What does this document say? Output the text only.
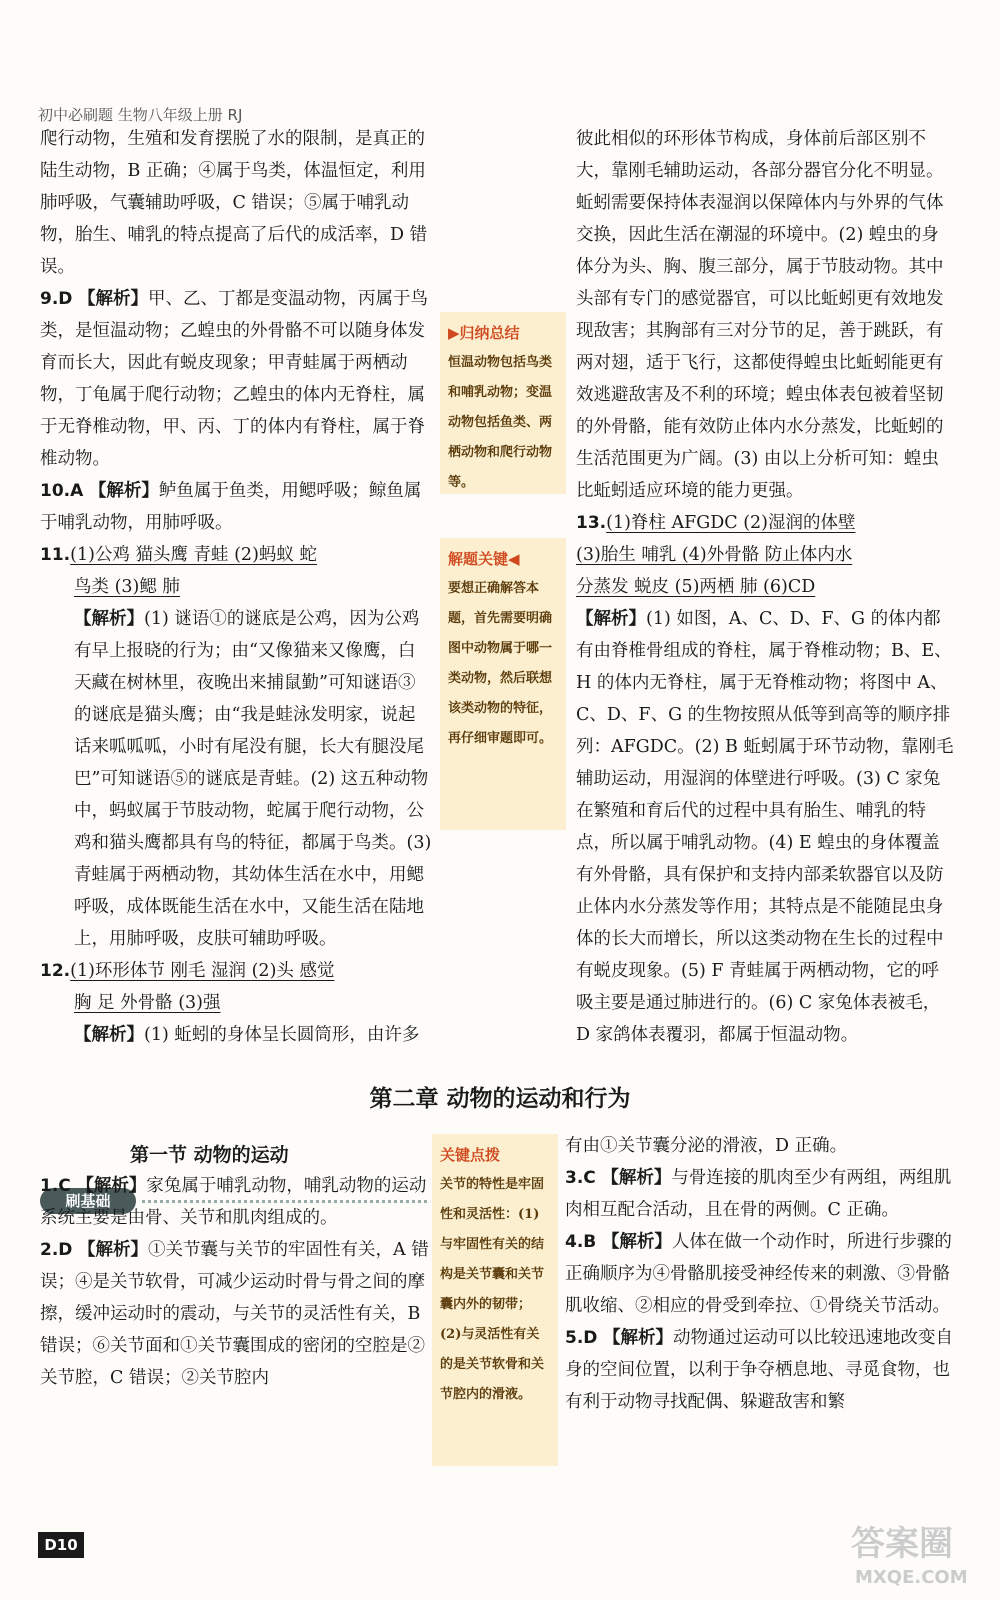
初中必刷题 生物八年级上册 RJ

爬行动物，生殖和发育摆脱了水的限制，是真正的陆生动物，B 正确；④属于鸟类，体温恒定，利用肺呼吸，气囊辅助呼吸，C 错误；⑤属于哺乳动物，胎生、哺乳的特点提高了后代的成活率，D 错误。

9.D 【解析】甲、乙、丁都是变温动物，丙属于鸟类，是恒温动物；乙蝗虫的外骨骼不可以随身体发育而长大，因此有蜕皮现象；甲青蛙属于两栖动物，丁龟属于爬行动物；乙蝗虫的体内无脊柱，属于无脊椎动物，甲、丙、丁的体内有脊柱，属于脊椎动物。

10.A 【解析】鲈鱼属于鱼类，用鳃呼吸；鲸鱼属于哺乳动物，用肺呼吸。

11.(1)公鸡 猫头鹰 青蛙 (2)蚂蚁 蛇
鸟类 (3)鳃 肺
【解析】(1) 谜语①的谜底是公鸡，因为公鸡有早上报晓的行为；由“又像猫来又像鹰，白天藏在树林里，夜晚出来捕鼠勤”可知谜语③的谜底是猫头鹰；由“我是蛙泳发明家，说起话来呱呱呱，小时有尾没有腿，长大有腿没尾巴”可知谜语⑤的谜底是青蛙。(2) 这五种动物中，蚂蚁属于节肢动物，蛇属于爬行动物，公鸡和猫头鹰都具有鸟的特征，都属于鸟类。(3) 青蛙属于两栖动物，其幼体生活在水中，用鳃呼吸，成体既能生活在水中，又能生活在陆地上，用肺呼吸，皮肤可辅助呼吸。

12.(1)环形体节 刚毛 湿润 (2)头 感觉
胸 足 外骨骼 (3)强
【解析】(1) 蚯蚓的身体呈长圆筒形，由许多

▶归纳总结
恒温动物包括鸟类和哺乳动物；变温动物包括鱼类、两栖动物和爬行动物等。
解题关键◀
要想正确解答本题，首先需要明确图中动物属于哪一类动物，然后联想该类动物的特征，再仔细审题即可。

彼此相似的环形体节构成，身体前后部区别不大，靠刚毛辅助运动，各部分器官分化不明显。蚯蚓需要保持体表湿润以保障体内与外界的气体交换，因此生活在潮湿的环境中。(2) 蝗虫的身体分为头、胸、腹三部分，属于节肢动物。其中头部有专门的感觉器官，可以比蚯蚓更有效地发现敌害；其胸部有三对分节的足，善于跳跃，有两对翅，适于飞行，这都使得蝗虫比蚯蚓能更有效逃避敌害及不利的环境；蝗虫体表包被着坚韧的外骨骼，能有效防止体内水分蒸发，比蚯蚓的生活范围更为广阔。(3) 由以上分析可知：蝗虫比蚯蚓适应环境的能力更强。

13.(1)脊柱 AFGDC (2)湿润的体壁
(3)胎生 哺乳 (4)外骨骼 防止体内水
分蒸发 蜕皮 (5)两栖 肺 (6)CD
【解析】(1) 如图，A、C、D、F、G 的体内都有由脊椎骨组成的脊柱，属于脊椎动物；B、E、H 的体内无脊柱，属于无脊椎动物；将图中 A、C、D、F、G 的生物按照从低等到高等的顺序排列：AFGDC。(2) B 蚯蚓属于环节动物，靠刚毛辅助运动，用湿润的体壁进行呼吸。(3) C 家兔在繁殖和育后代的过程中具有胎生、哺乳的特点，所以属于哺乳动物。(4) E 蝗虫的身体覆盖有外骨骼，具有保护和支持内部柔软器官以及防止体内水分蒸发等作用；其特点是不能随昆虫身体的长大而增长，所以这类动物在生长的过程中有蜕皮现象。(5) F 青蛙属于两栖动物，它的呼吸主要是通过肺进行的。(6) C 家兔体表被毛，D 家鸽体表覆羽，都属于恒温动物。

第二章 动物的运动和行为
第一节 动物的运动
刷基础

1.C 【解析】家兔属于哺乳动物，哺乳动物的运动系统主要是由骨、关节和肌肉组成的。

2.D 【解析】①关节囊与关节的牢固性有关，A 错误；④是关节软骨，可减少运动时骨与骨之间的摩擦，缓冲运动时的震动，与关节的灵活性有关，B 错误；⑥关节面和①关节囊围成的密闭的空腔是②关节腔，C 错误；②关节腔内

关键点拨
关节的特性是牢固性和灵活性：(1)与牢固性有关的结构是关节囊和关节囊内外的韧带；(2)与灵活性有关的是关节软骨和关节腔内的滑液。

有由①关节囊分泌的滑液，D 正确。

3.C 【解析】与骨连接的肌肉至少有两组，两组肌肉相互配合活动，且在骨的两侧。C 正确。

4.B 【解析】人体在做一个动作时，所进行步骤的正确顺序为④骨骼肌接受神经传来的刺激、③骨骼肌收缩、②相应的骨受到牵拉、①骨绕关节活动。

5.D 【解析】动物通过运动可以比较迅速地改变自身的空间位置，以利于争夺栖息地、寻觅食物，也有利于动物寻找配偶、躲避敌害和繁

D10	答案圈
MXQE.COM
